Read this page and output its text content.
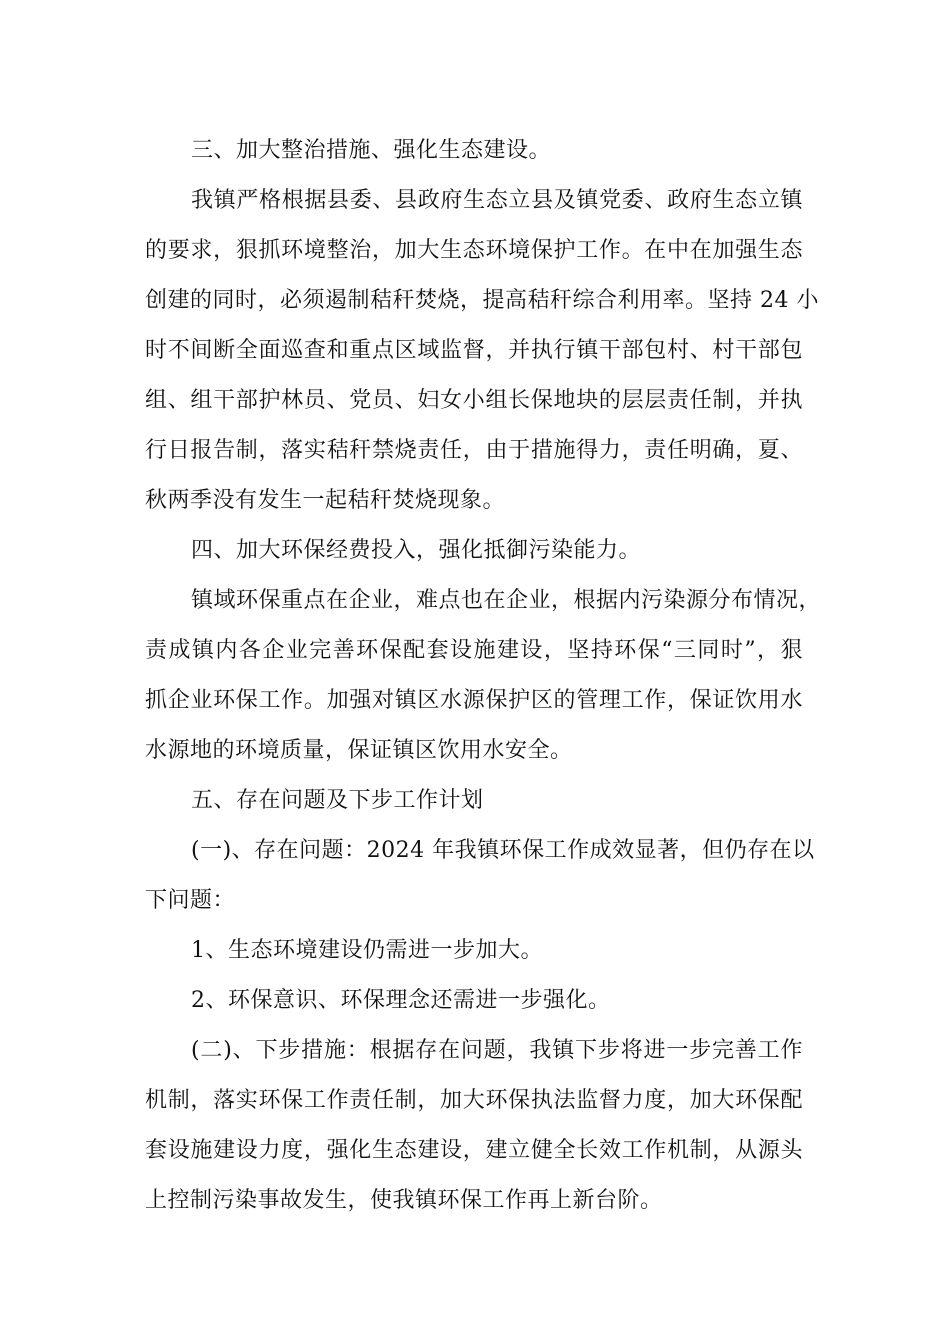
三、加大整治措施、强化生态建设。
我镇严格根据县委、县政府生态立县及镇党委、政府生态立镇
的要求，狠抓环境整治，加大生态环境保护工作。在中在加强生态
创建的同时，必须遏制秸秆焚烧，提高秸秆综合利用率。坚持 24 小
时不间断全面巡查和重点区域监督，并执行镇干部包村、村干部包
组、组干部护林员、党员、妇女小组长保地块的层层责任制，并执
行日报告制，落实秸秆禁烧责任，由于措施得力，责任明确，夏、
秋两季没有发生一起秸秆焚烧现象。
四、加大环保经费投入，强化抵御污染能力。
镇域环保重点在企业，难点也在企业，根据内污染源分布情况，
责成镇内各企业完善环保配套设施建设，坚持环保“三同时”，狠
抓企业环保工作。加强对镇区水源保护区的管理工作，保证饮用水
水源地的环境质量，保证镇区饮用水安全。
五、存在问题及下步工作计划
(一)、存在问题：2024 年我镇环保工作成效显著，但仍存在以
下问题：
1、生态环境建设仍需进一步加大。
2、环保意识、环保理念还需进一步强化。
(二)、下步措施：根据存在问题，我镇下步将进一步完善工作
机制，落实环保工作责任制，加大环保执法监督力度，加大环保配
套设施建设力度，强化生态建设，建立健全长效工作机制，从源头
上控制污染事故发生，使我镇环保工作再上新台阶。
